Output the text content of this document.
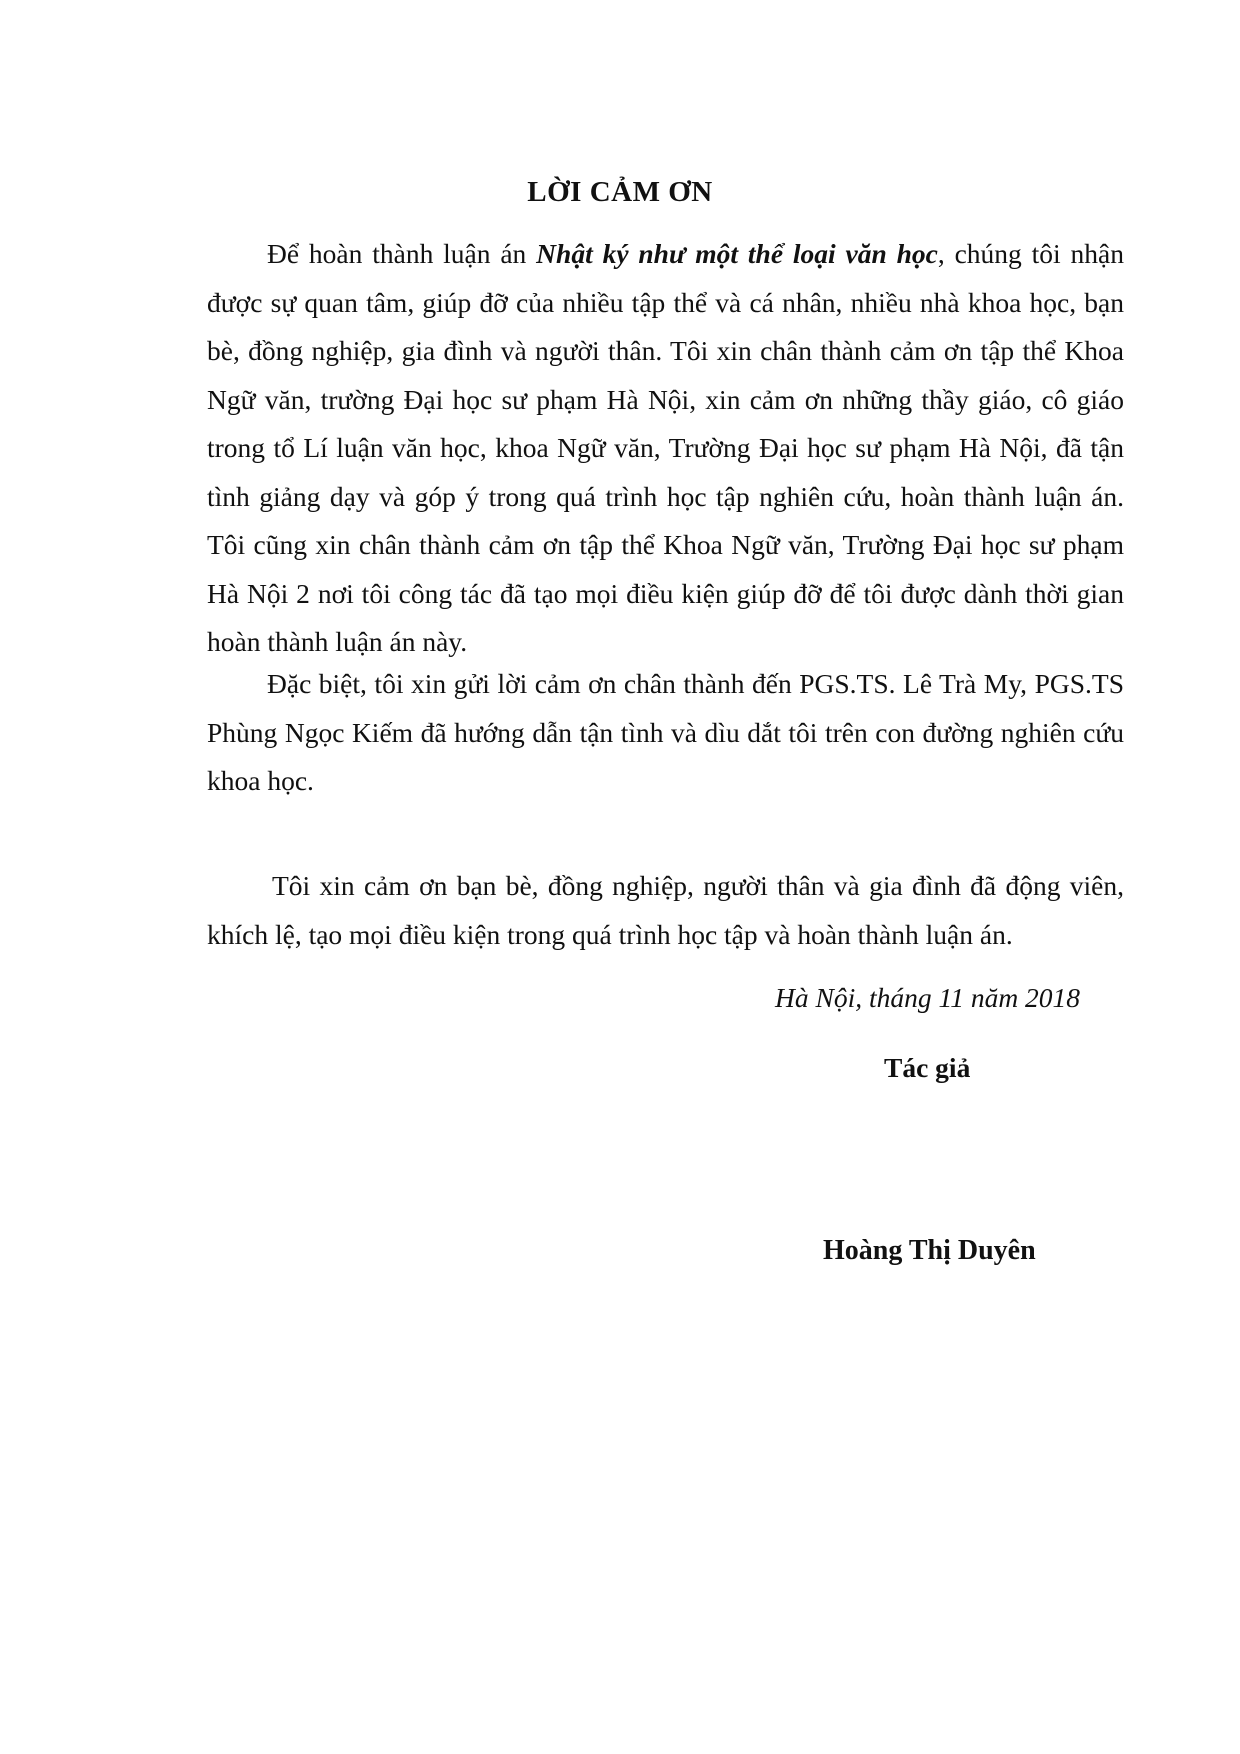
LỜI CẢM ƠN

Để hoàn thành luận án Nhật ký như một thể loại văn học, chúng tôi nhận được sự quan tâm, giúp đỡ của nhiều tập thể và cá nhân, nhiều nhà khoa học, bạn bè, đồng nghiệp, gia đình và người thân. Tôi xin chân thành cảm ơn tập thể Khoa Ngữ văn, trường Đại học sư phạm Hà Nội, xin cảm ơn những thầy giáo, cô giáo trong tổ Lí luận văn học, khoa Ngữ văn, Trường Đại học sư phạm Hà Nội, đã tận tình giảng dạy và góp ý trong quá trình học tập nghiên cứu, hoàn thành luận án. Tôi cũng xin chân thành cảm ơn tập thể Khoa Ngữ văn, Trường Đại học sư phạm Hà Nội 2 nơi tôi công tác đã tạo mọi điều kiện giúp đỡ để tôi được dành thời gian hoàn thành luận án này.

Đặc biệt, tôi xin gửi lời cảm ơn chân thành đến PGS.TS. Lê Trà My, PGS.TS Phùng Ngọc Kiếm đã hướng dẫn tận tình và dìu dắt tôi trên con đường nghiên cứu khoa học.

Tôi xin cảm ơn bạn bè, đồng nghiệp, người thân và gia đình đã động viên, khích lệ, tạo mọi điều kiện trong quá trình học tập và hoàn thành luận án.

Hà Nội, tháng 11 năm 2018
Tác giả
Hoàng Thị Duyên
